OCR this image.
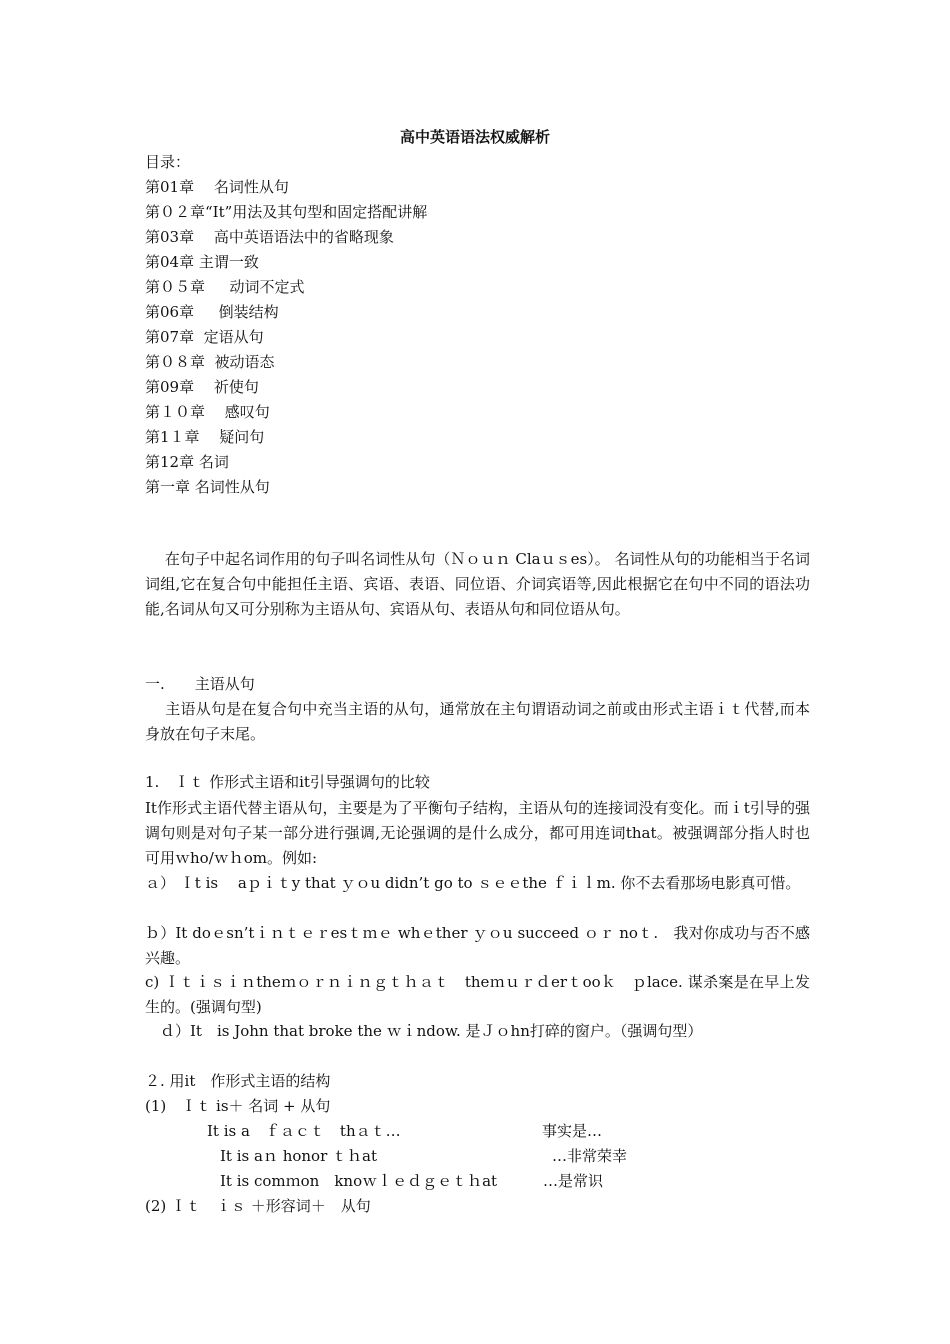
高中英语语法权威解析
目录：
第01章　 名词性从句
第０２章“It”用法及其句型和固定搭配讲解
第03章　 高中英语语法中的省略现象
第04章 主谓一致
第０５章　  动词不定式
第06章 　 倒装结构
第07章  定语从句
第０８章  被动语态
第09章 　祈使句
第１０章 　感叹句
第1１章 　疑问句
第12章 名词
第一章 名词性从句
　 在句子中起名词作用的句子叫名词性从句（Ｎｏｕｎ Claｕｓes）。 名词性从句的功能相当于名词词组,它在复合句中能担任主语、宾语、表语、同位语、介词宾语等,因此根据它在句中不同的语法功能,名词从句又可分别称为主语从句、宾语从句、表语从句和同位语从句。
一.　　主语从句
　 主语从句是在复合句中充当主语的从句，通常放在主句谓语动词之前或由形式主语ｉｔ代替,而本身放在句子末尾。
1.　Ｉｔ 作形式主语和it引导强调句的比较
It作形式主语代替主语从句，主要是为了平衡句子结构，主语从句的连接词没有变化。而ｉt引导的强调句则是对句子某一部分进行强调,无论强调的是什么成分，都可用连词that。被强调部分指人时也可用ｗho/ｗｈom。例如:
ａ） Ｉt is 　aｐｉｔy that ｙｏu didn’t go to ｓｅｅthe ｆｉｌm. 你不去看那场电影真可惜。
ｂ）It doｅsn’tｉｎｔｅｒesｔｍｅ whｅther ｙｏu succeed ｏｒ noｔ.　我对你成功与否不感兴趣。
c) Ｉｔｉｓｉｎtheｍｏｒｎｉｎｇｔｈａｔ　theｍｕｒｄerｔooｋ　ｐlace. 谋杀案是在早上发生的。(强调句型)
ｄ）It　is John that broke the ｗｉndow. 是Ｊｏhn打碎的窗户。（强调句型）
２. 用it　作形式主语的结构
(1)　Ｉｔ is＋ 名词 + 从句
It is a　ｆａｃｔ　thａｔ…	事实是…
It is aｎ honor ｔｈat	…非常荣幸
It is comｍon　knoｗｌｅｄｇｅｔｈat	…是常识
(2) Ｉｔ　ｉｓ ＋形容词＋　从句
